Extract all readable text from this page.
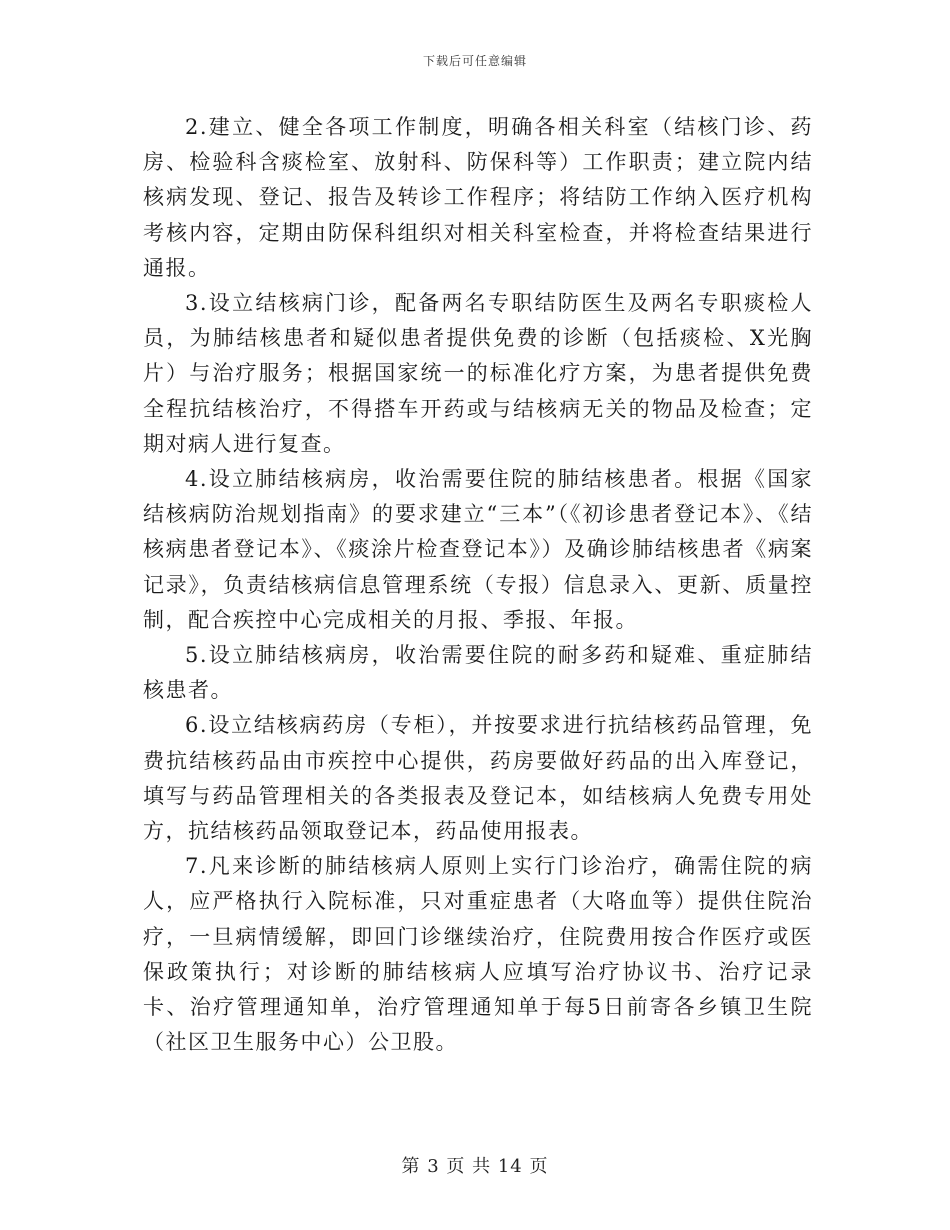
下载后可任意编辑

2.建立、健全各项工作制度，明确各相关科室（结核门诊、药房、检验科含痰检室、放射科、防保科等）工作职责；建立院内结核病发现、登记、报告及转诊工作程序；将结防工作纳入医疗机构考核内容，定期由防保科组织对相关科室检查，并将检查结果进行通报。

3.设立结核病门诊，配备两名专职结防医生及两名专职痰检人员，为肺结核患者和疑似患者提供免费的诊断（包括痰检、X光胸片）与治疗服务；根据国家统一的标准化疗方案，为患者提供免费全程抗结核治疗，不得搭车开药或与结核病无关的物品及检查；定期对病人进行复查。

4.设立肺结核病房，收治需要住院的肺结核患者。根据《国家结核病防治规划指南》的要求建立“三本”（《初诊患者登记本》、《结核病患者登记本》、《痰涂片检查登记本》）及确诊肺结核患者《病案记录》，负责结核病信息管理系统（专报）信息录入、更新、质量控制，配合疾控中心完成相关的月报、季报、年报。

5.设立肺结核病房，收治需要住院的耐多药和疑难、重症肺结核患者。

6.设立结核病药房（专柜），并按要求进行抗结核药品管理，免费抗结核药品由市疾控中心提供，药房要做好药品的出入库登记，填写与药品管理相关的各类报表及登记本，如结核病人免费专用处方，抗结核药品领取登记本，药品使用报表。

7.凡来诊断的肺结核病人原则上实行门诊治疗，确需住院的病人，应严格执行入院标准，只对重症患者（大咯血等）提供住院治疗，一旦病情缓解，即回门诊继续治疗，住院费用按合作医疗或医保政策执行；对诊断的肺结核病人应填写治疗协议书、治疗记录卡、治疗管理通知单，治疗管理通知单于每5日前寄各乡镇卫生院（社区卫生服务中心）公卫股。

第 3 页 共 14 页
